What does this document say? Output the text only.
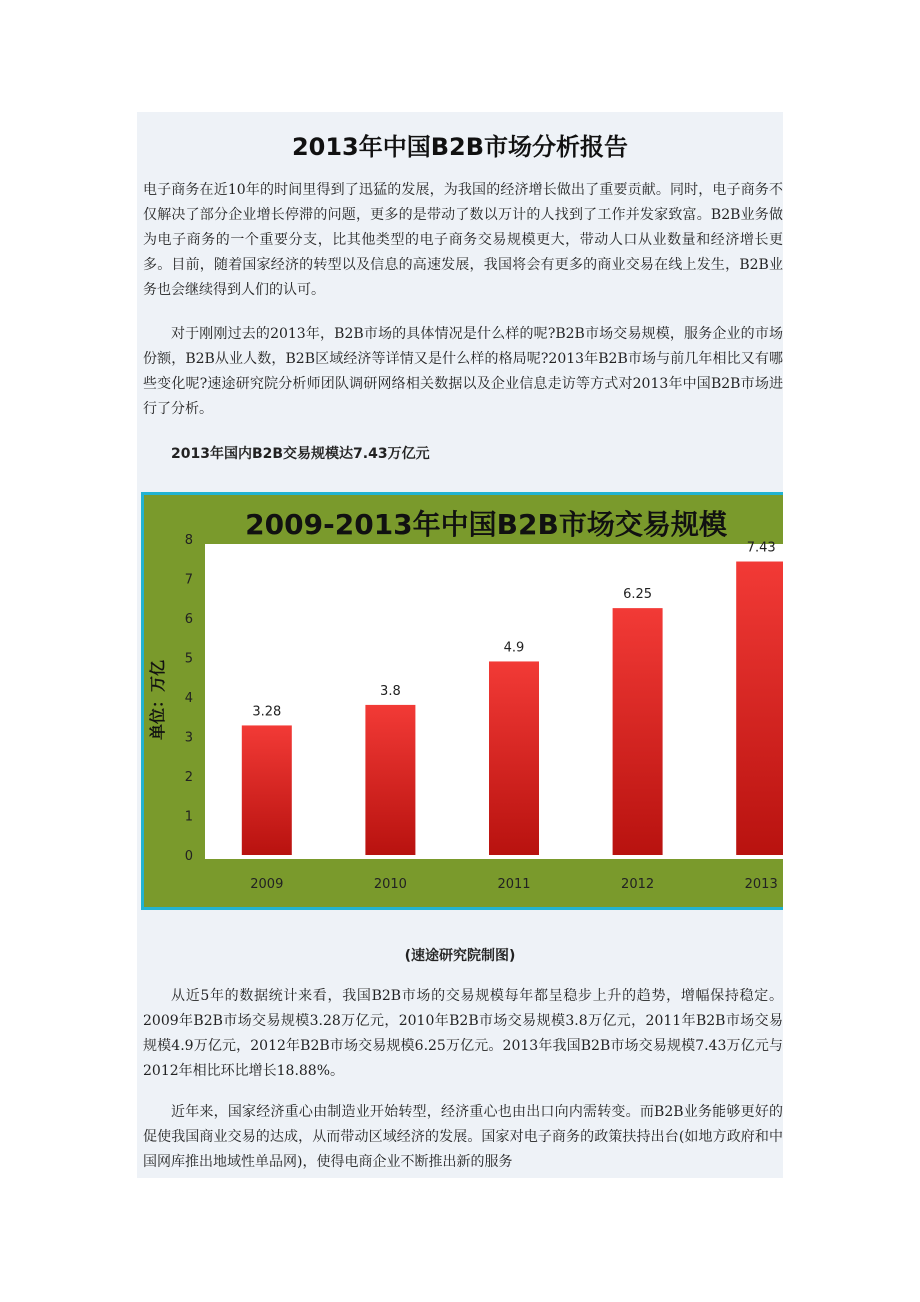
2013年中国B2B市场分析报告

电子商务在近10年的时间里得到了迅猛的发展，为我国的经济增长做出了重要贡献。同时，电子商务不仅解决了部分企业增长停滞的问题，更多的是带动了数以万计的人找到了工作并发家致富。B2B业务做为电子商务的一个重要分支，比其他类型的电子商务交易规模更大，带动人口从业数量和经济增长更多。目前，随着国家经济的转型以及信息的高速发展，我国将会有更多的商业交易在线上发生，B2B业务也会继续得到人们的认可。

对于刚刚过去的2013年，B2B市场的具体情况是什么样的呢?B2B市场交易规模，服务企业的市场份额，B2B从业人数，B2B区域经济等详情又是什么样的格局呢?2013年B2B市场与前几年相比又有哪些变化呢?速途研究院分析师团队调研网络相关数据以及企业信息走访等方式对2013年中国B2B市场进行了分析。

2013年国内B2B交易规模达7.43万亿元
2009-2013年中国B2B市场交易规模
单位：万亿
0
1
2
3
4
5
6
7
8
3.28
3.8
4.9
6.25
7.43
2009	2010	2011	2012	2013
(速途研究院制图)

从近5年的数据统计来看，我国B2B市场的交易规模每年都呈稳步上升的趋势，增幅保持稳定。2009年B2B市场交易规模3.28万亿元，2010年B2B市场交易规模3.8万亿元，2011年B2B市场交易规模4.9万亿元，2012年B2B市场交易规模6.25万亿元。2013年我国B2B市场交易规模7.43万亿元与2012年相比环比增长18.88%。

近年来，国家经济重心由制造业开始转型，经济重心也由出口向内需转变。而B2B业务能够更好的促使我国商业交易的达成，从而带动区域经济的发展。国家对电子商务的政策扶持出台(如地方政府和中国网库推出地域性单品网)，使得电商企业不断推出新的服务
